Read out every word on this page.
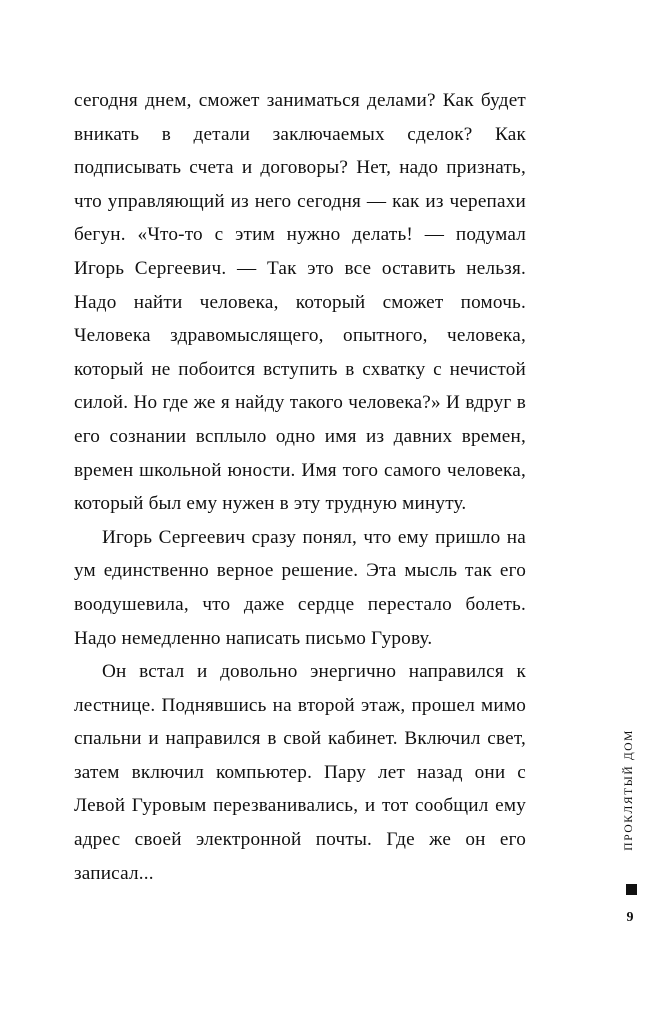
сегодня днем, сможет заниматься делами? Как будет вникать в детали заключаемых сделок? Как подписывать счета и договоры? Нет, надо признать, что управляющий из него сегодня — как из черепахи бегун. «Что-то с этим нужно делать! — подумал Игорь Сергеевич. — Так это все оставить нельзя. Надо найти человека, который сможет помочь. Человека здравомыслящего, опытного, человека, который не побоится вступить в схватку с нечистой силой. Но где же я найду такого человека?» И вдруг в его сознании всплыло одно имя из давних времен, времен школьной юности. Имя того самого человека, который был ему нужен в эту трудную минуту.

Игорь Сергеевич сразу понял, что ему пришло на ум единственно верное решение. Эта мысль так его воодушевила, что даже сердце перестало болеть. Надо немедленно написать письмо Гурову.

Он встал и довольно энергично направился к лестнице. Поднявшись на второй этаж, прошел мимо спальни и направился в свой кабинет. Включил свет, затем включил компьютер. Пару лет назад они с Левой Гуровым перезванивались, и тот сообщил ему адрес своей электронной почты. Где же он его записал...

ПРОКЛЯТЫЙ ДОМ
9
